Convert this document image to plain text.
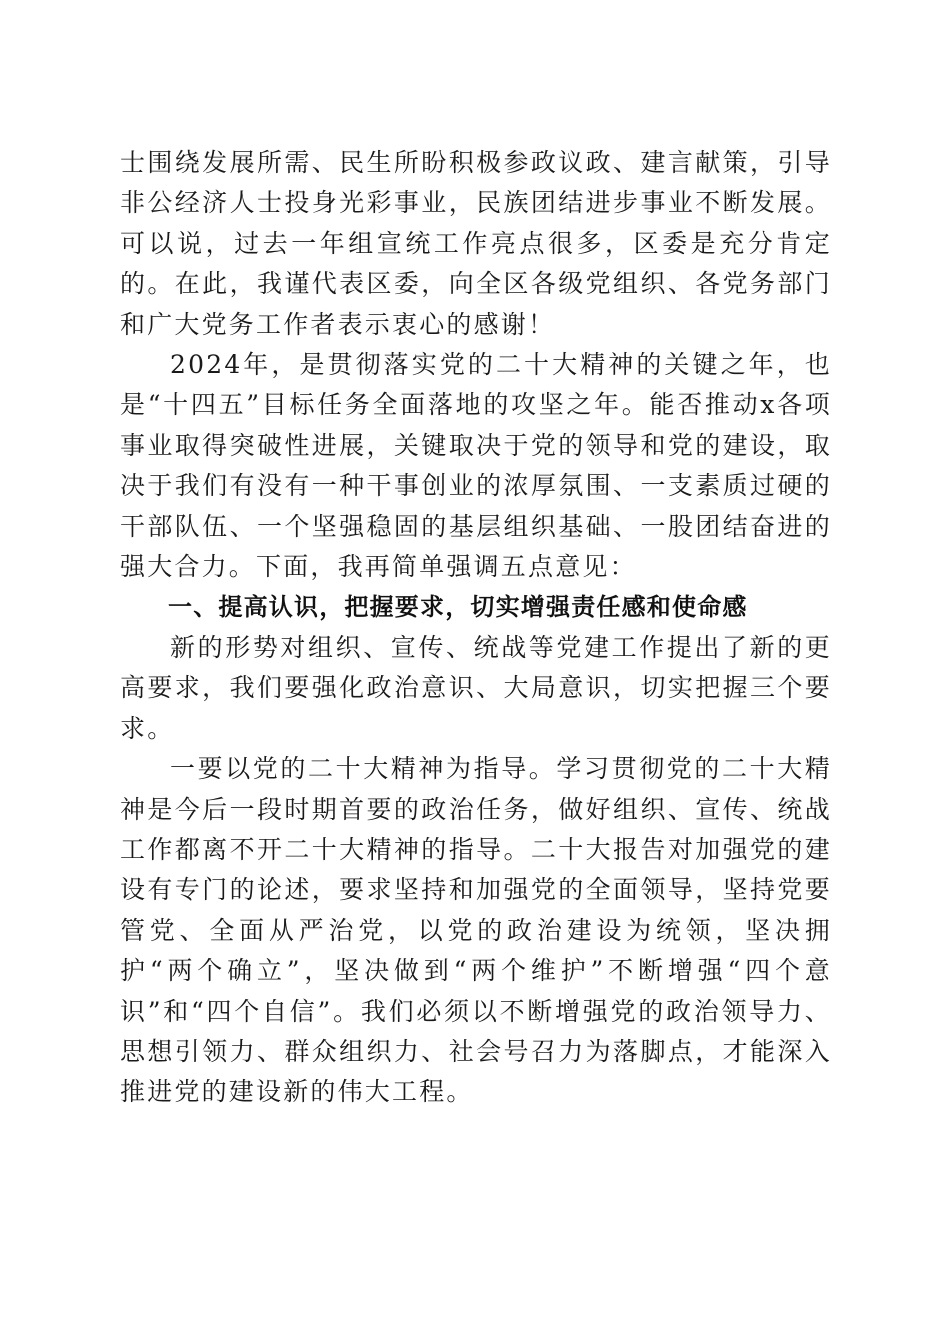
士围绕发展所需、民生所盼积极参政议政、建言献策，引导非公经济人士投身光彩事业，民族团结进步事业不断发展。可以说，过去一年组宣统工作亮点很多，区委是充分肯定的。在此，我谨代表区委，向全区各级党组织、各党务部门和广大党务工作者表示衷心的感谢！

2024年，是贯彻落实党的二十大精神的关键之年，也是“十四五”目标任务全面落地的攻坚之年。能否推动x各项事业取得突破性进展，关键取决于党的领导和党的建设，取决于我们有没有一种干事创业的浓厚氛围、一支素质过硬的干部队伍、一个坚强稳固的基层组织基础、一股团结奋进的强大合力。下面，我再简单强调五点意见：

一、提高认识，把握要求，切实增强责任感和使命感

新的形势对组织、宣传、统战等党建工作提出了新的更高要求，我们要强化政治意识、大局意识，切实把握三个要求。

一要以党的二十大精神为指导。学习贯彻党的二十大精神是今后一段时期首要的政治任务，做好组织、宣传、统战工作都离不开二十大精神的指导。二十大报告对加强党的建设有专门的论述，要求坚持和加强党的全面领导，坚持党要管党、全面从严治党，以党的政治建设为统领，坚决拥护“两个确立”，坚决做到“两个维护”不断增强“四个意识”和“四个自信”。我们必须以不断增强党的政治领导力、思想引领力、群众组织力、社会号召力为落脚点，才能深入推进党的建设新的伟大工程。
